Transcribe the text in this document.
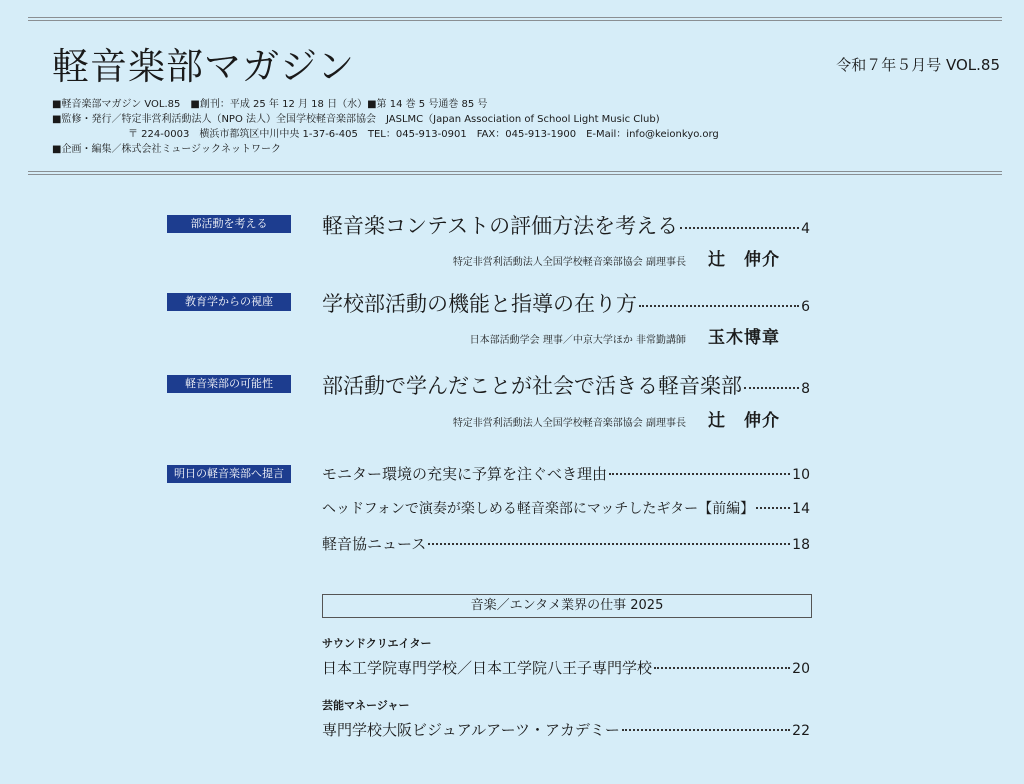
軽音楽部マガジン	令和７年５月号 VOL.85
■軽音楽部マガジン VOL.85　■創刊：平成 25 年 12 月 18 日（水）■第 14 巻 5 号通巻 85 号
■監修・発行／特定非営利活動法人（NPO 法人）全国学校軽音楽部協会　JASLMC（Japan Association of School Light Music Club)
〒 224-0003　横浜市都筑区中川中央 1-37-6-405　TEL：045-913-0901　FAX：045-913-1900　E-Mail：info@keionkyo.org
■企画・編集／株式会社ミュージックネットワーク
部活動を考える	軽音楽コンテストの評価方法を考える	4
特定非営利活動法人全国学校軽音楽部協会 副理事長 辻　伸介
教育学からの視座	学校部活動の機能と指導の在り方	6
日本部活動学会 理事／中京大学ほか 非常勤講師 玉木博章
軽音楽部の可能性	部活動で学んだことが社会で活きる軽音楽部	8
特定非営利活動法人全国学校軽音楽部協会 副理事長 辻　伸介
明日の軽音楽部へ提言	モニター環境の充実に予算を注ぐべき理由	10
ヘッドフォンで演奏が楽しめる軽音楽部にマッチしたギター【前編】	14
軽音協ニュース	18
音楽／エンタメ業界の仕事 2025
サウンドクリエイター
日本工学院専門学校／日本工学院八王子専門学校	20
芸能マネージャー
専門学校大阪ビジュアルアーツ・アカデミー	22
